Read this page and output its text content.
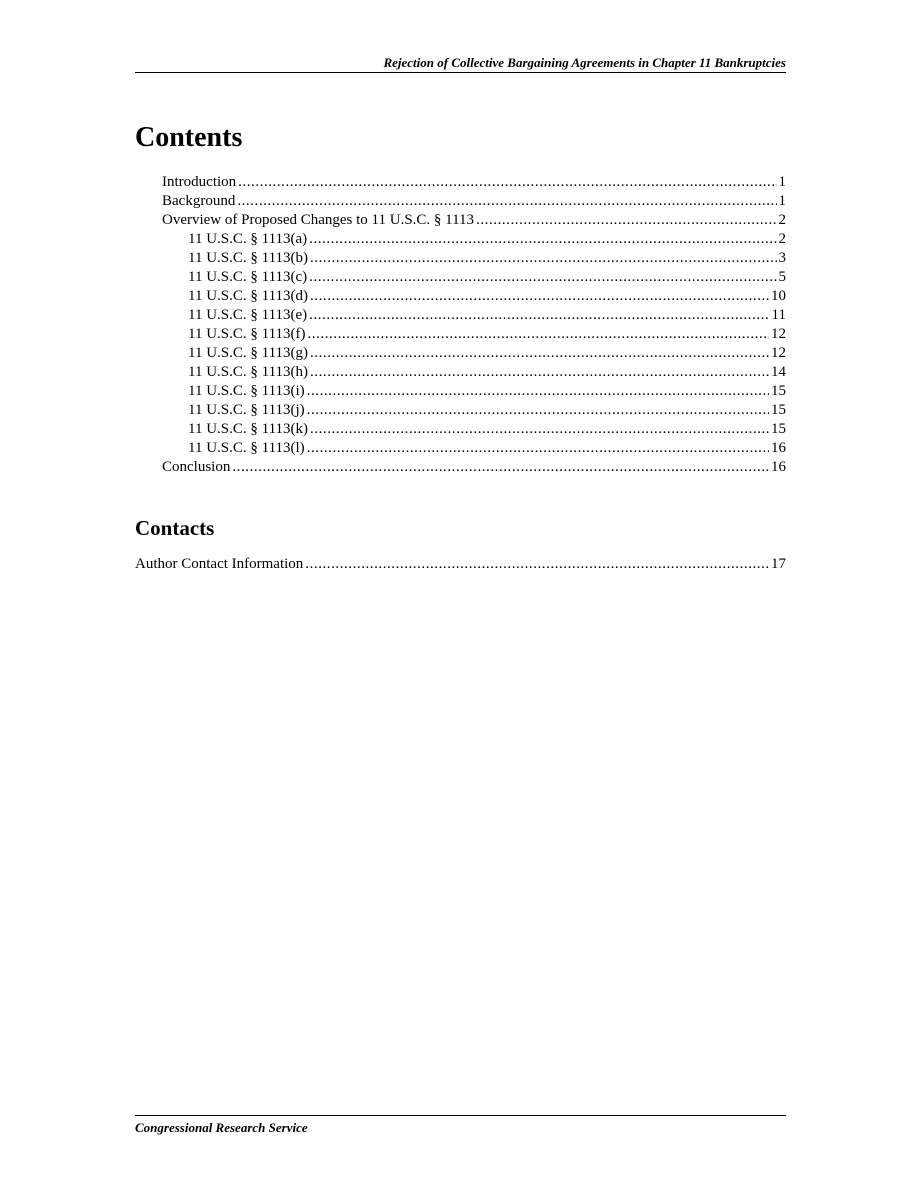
Rejection of Collective Bargaining Agreements in Chapter 11 Bankruptcies
Contents
Introduction . . .	1
Background . . .	1
Overview of Proposed Changes to 11 U.S.C. § 1113 . . .	2
11 U.S.C. § 1113(a) . . .	2
11 U.S.C. § 1113(b) . . .	3
11 U.S.C. § 1113(c) . . .	5
11 U.S.C. § 1113(d) . . .	10
11 U.S.C. § 1113(e) . . .	11
11 U.S.C. § 1113(f) . . .	12
11 U.S.C. § 1113(g) . . .	12
11 U.S.C. § 1113(h) . . .	14
11 U.S.C. § 1113(i) . . .	15
11 U.S.C. § 1113(j) . . .	15
11 U.S.C. § 1113(k) . . .	15
11 U.S.C. § 1113(l) . . .	16
Conclusion . . .	16
Contacts
Author Contact Information . . .	17
Congressional Research Service
